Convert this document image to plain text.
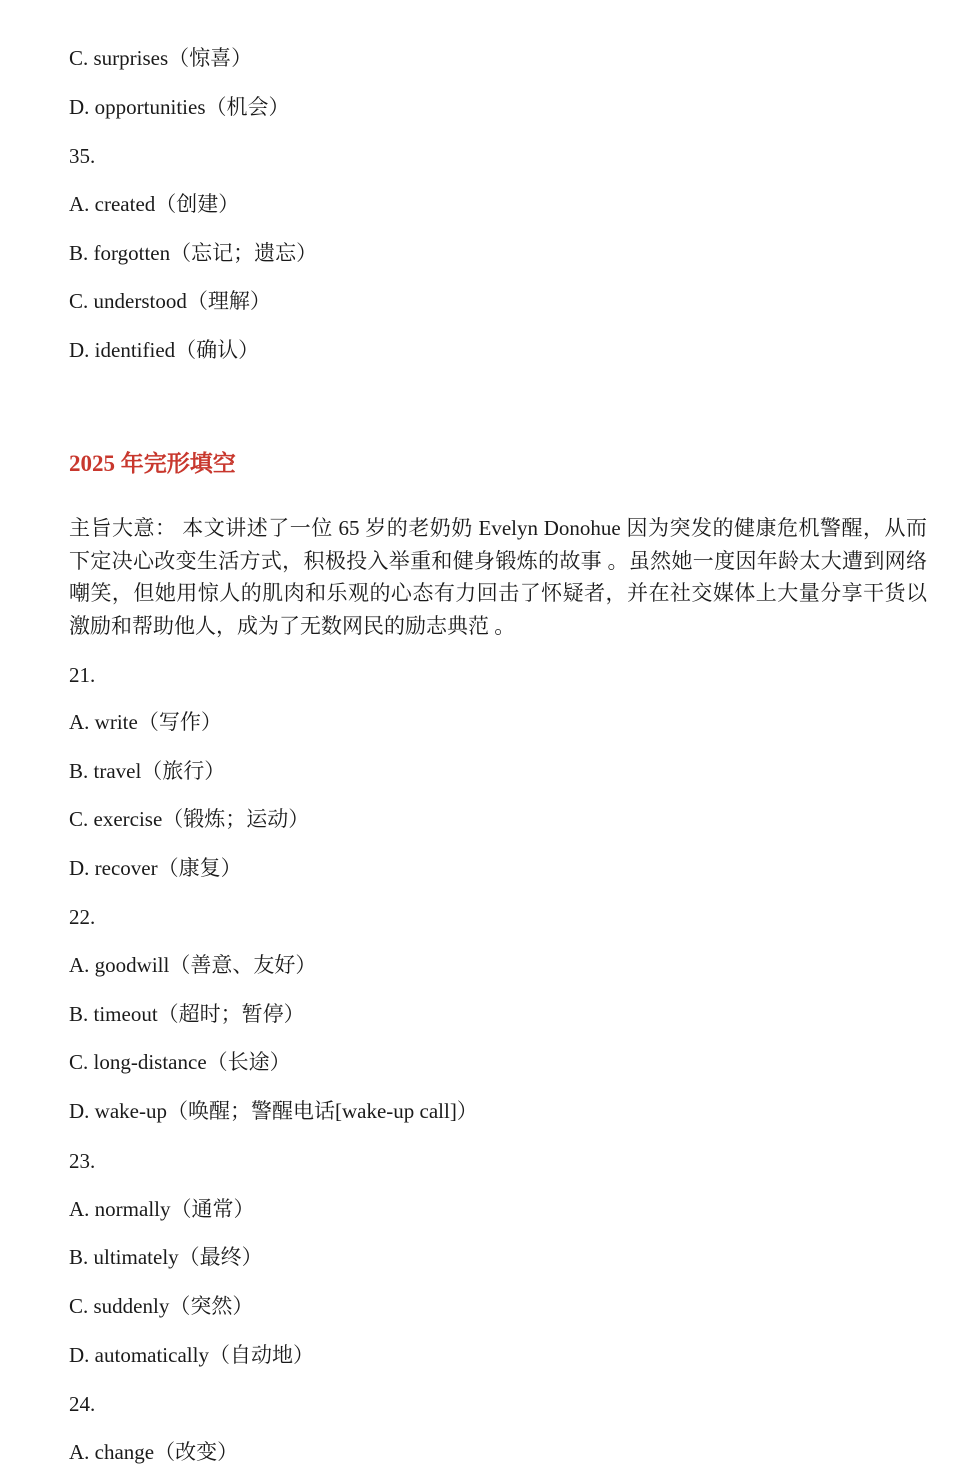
C. surprises（惊喜）
D. opportunities（机会）
35.
A. created（创建）
B. forgotten（忘记；遗忘）
C. understood（理解）
D. identified（确认）
2025 年完形填空
主旨大意： 本文讲述了一位 65 岁的老奶奶 Evelyn Donohue 因为突发的健康危机警醒，从而下定决心改变生活方式，积极投入举重和健身锻炼的故事 。虽然她一度因年龄太大遭到网络嘲笑，但她用惊人的肌肉和乐观的心态有力回击了怀疑者，并在社交媒体上大量分享干货以激励和帮助他人，成为了无数网民的励志典范 。
21.
A. write（写作）
B. travel（旅行）
C. exercise（锻炼；运动）
D. recover（康复）
22.
A. goodwill（善意、友好）
B. timeout（超时；暂停）
C. long-distance（长途）
D. wake-up（唤醒；警醒电话[wake-up call]）
23.
A. normally（通常）
B. ultimately（最终）
C. suddenly（突然）
D. automatically（自动地）
24.
A. change（改变）
